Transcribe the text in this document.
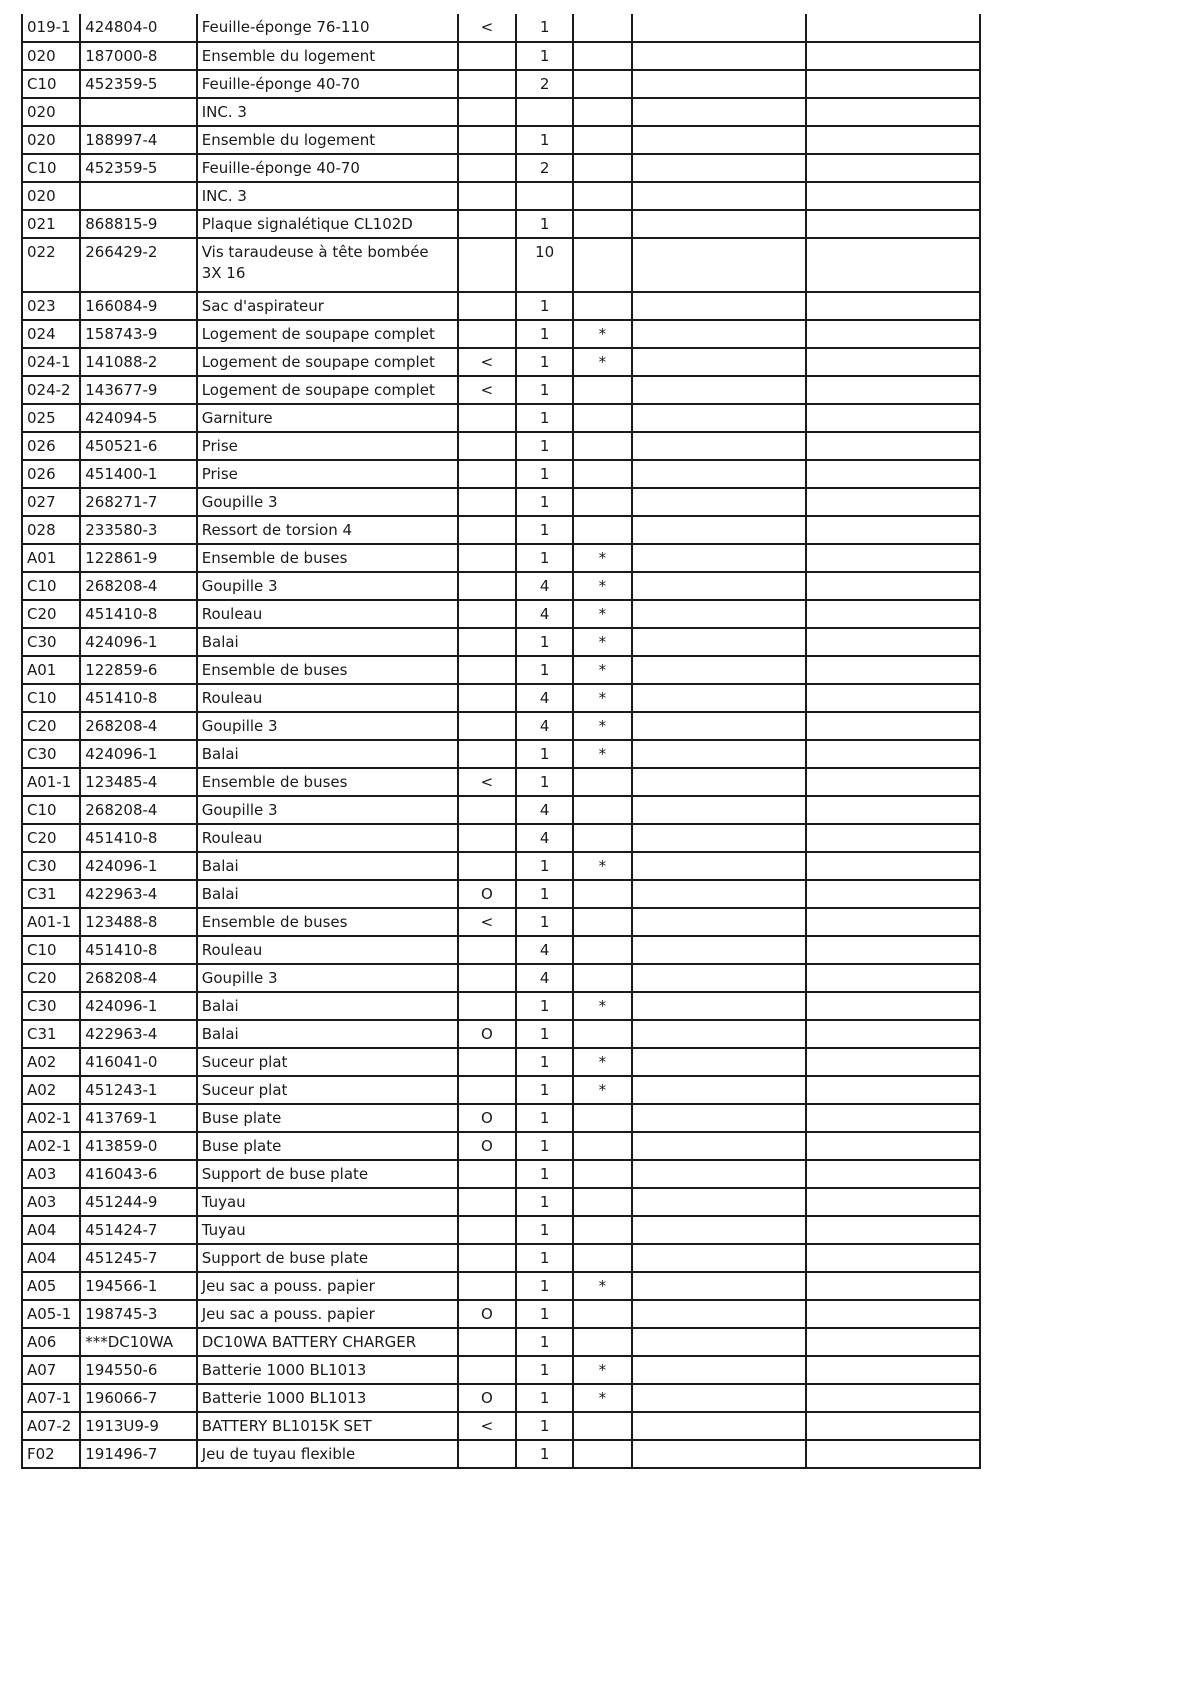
019-1	424804-0	Feuille-éponge 76-110	<	1			
020	187000-8	Ensemble du logement		1			
C10	452359-5	Feuille-éponge 40-70		2			
020		INC. 3					
020	188997-4	Ensemble du logement		1			
C10	452359-5	Feuille-éponge 40-70		2			
020		INC. 3					
021	868815-9	Plaque signalétique CL102D		1			
022	266429-2	Vis taraudeuse à tête bombée 3X 16		10			
023	166084-9	Sac d'aspirateur		1			
024	158743-9	Logement de soupape complet		1	*		
024-1	141088-2	Logement de soupape complet	<	1	*		
024-2	143677-9	Logement de soupape complet	<	1			
025	424094-5	Garniture		1			
026	450521-6	Prise		1			
026	451400-1	Prise		1			
027	268271-7	Goupille 3		1			
028	233580-3	Ressort de torsion 4		1			
A01	122861-9	Ensemble de buses		1	*		
C10	268208-4	Goupille 3		4	*		
C20	451410-8	Rouleau		4	*		
C30	424096-1	Balai		1	*		
A01	122859-6	Ensemble de buses		1	*		
C10	451410-8	Rouleau		4	*		
C20	268208-4	Goupille 3		4	*		
C30	424096-1	Balai		1	*		
A01-1	123485-4	Ensemble de buses	<	1			
C10	268208-4	Goupille 3		4			
C20	451410-8	Rouleau		4			
C30	424096-1	Balai		1	*		
C31	422963-4	Balai	O	1			
A01-1	123488-8	Ensemble de buses	<	1			
C10	451410-8	Rouleau		4			
C20	268208-4	Goupille 3		4			
C30	424096-1	Balai		1	*		
C31	422963-4	Balai	O	1			
A02	416041-0	Suceur plat		1	*		
A02	451243-1	Suceur plat		1	*		
A02-1	413769-1	Buse plate	O	1			
A02-1	413859-0	Buse plate	O	1			
A03	416043-6	Support de buse plate		1			
A03	451244-9	Tuyau		1			
A04	451424-7	Tuyau		1			
A04	451245-7	Support de buse plate		1			
A05	194566-1	Jeu sac a pouss. papier		1	*		
A05-1	198745-3	Jeu sac a pouss. papier	O	1			
A06	***DC10WA	DC10WA BATTERY CHARGER		1			
A07	194550-6	Batterie 1000 BL1013		1	*		
A07-1	196066-7	Batterie 1000 BL1013	O	1	*		
A07-2	1913U9-9	BATTERY BL1015K SET	<	1			
F02	191496-7	Jeu de tuyau flexible		1			
